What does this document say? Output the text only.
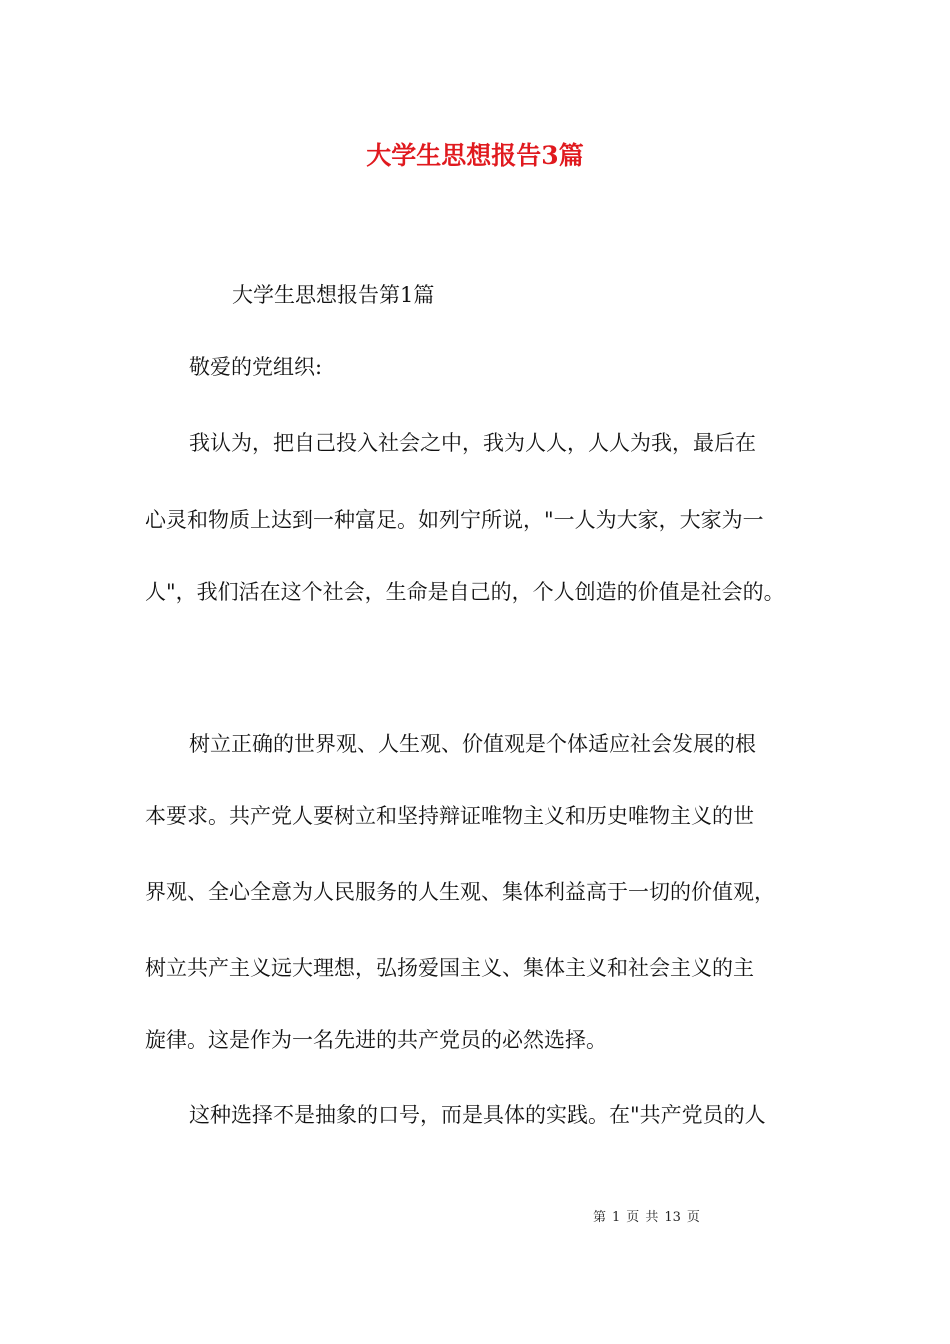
大学生思想报告3篇
大学生思想报告第1篇
敬爱的党组织:
我认为，把自己投入社会之中，我为人人，人人为我，最后在
心灵和物质上达到一种富足。如列宁所说，"一人为大家，大家为一
人"，我们活在这个社会，生命是自己的，个人创造的价值是社会的。
树立正确的世界观、人生观、价值观是个体适应社会发展的根
本要求。共产党人要树立和坚持辩证唯物主义和历史唯物主义的世
界观、全心全意为人民服务的人生观、集体利益高于一切的价值观，
树立共产主义远大理想，弘扬爱国主义、集体主义和社会主义的主
旋律。这是作为一名先进的共产党员的必然选择。
这种选择不是抽象的口号，而是具体的实践。在"共产党员的人
第 1 页 共 13 页
